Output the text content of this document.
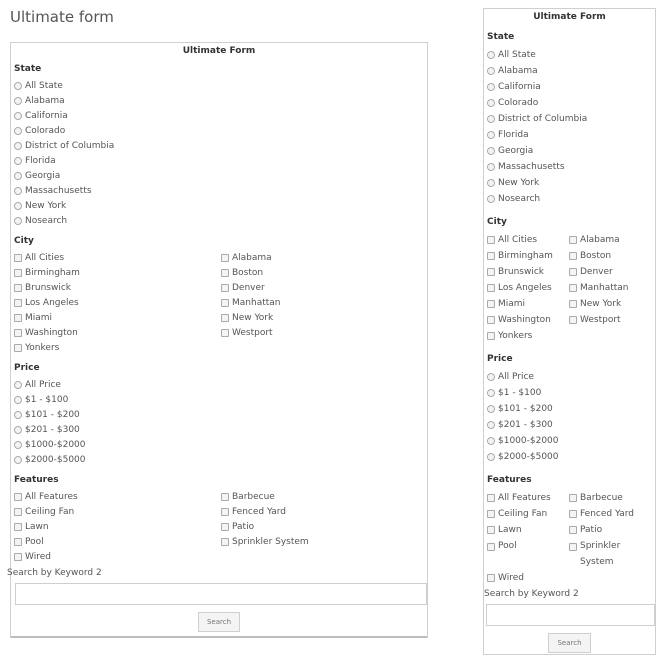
Ultimate form
Ultimate Form
State
All State
Alabama
California
Colorado
District of Columbia
Florida
Georgia
Massachusetts
New York
Nosearch
City
All Cities	Alabama
Birmingham	Boston
Brunswick	Denver
Los Angeles	Manhattan
Miami	New York
Washington	Westport
Yonkers
Price
All Price
$1 - $100
$101 - $200
$201 - $300
$1000-$2000
$2000-$5000
Features
All Features	Barbecue
Ceiling Fan	Fenced Yard
Lawn	Patio
Pool	Sprinkler System
Wired
Search by Keyword 2
Search
Ultimate Form
State
All State
Alabama
California
Colorado
District of Columbia
Florida
Georgia
Massachusetts
New York
Nosearch
City
All Cities	Alabama
Birmingham	Boston
Brunswick	Denver
Los Angeles	Manhattan
Miami	New York
Washington	Westport
Yonkers
Price
All Price
$1 - $100
$101 - $200
$201 - $300
$1000-$2000
$2000-$5000
Features
All Features	Barbecue
Ceiling Fan	Fenced Yard
Lawn	Patio
Pool	Sprinkler System
Wired
Search by Keyword 2
Search
